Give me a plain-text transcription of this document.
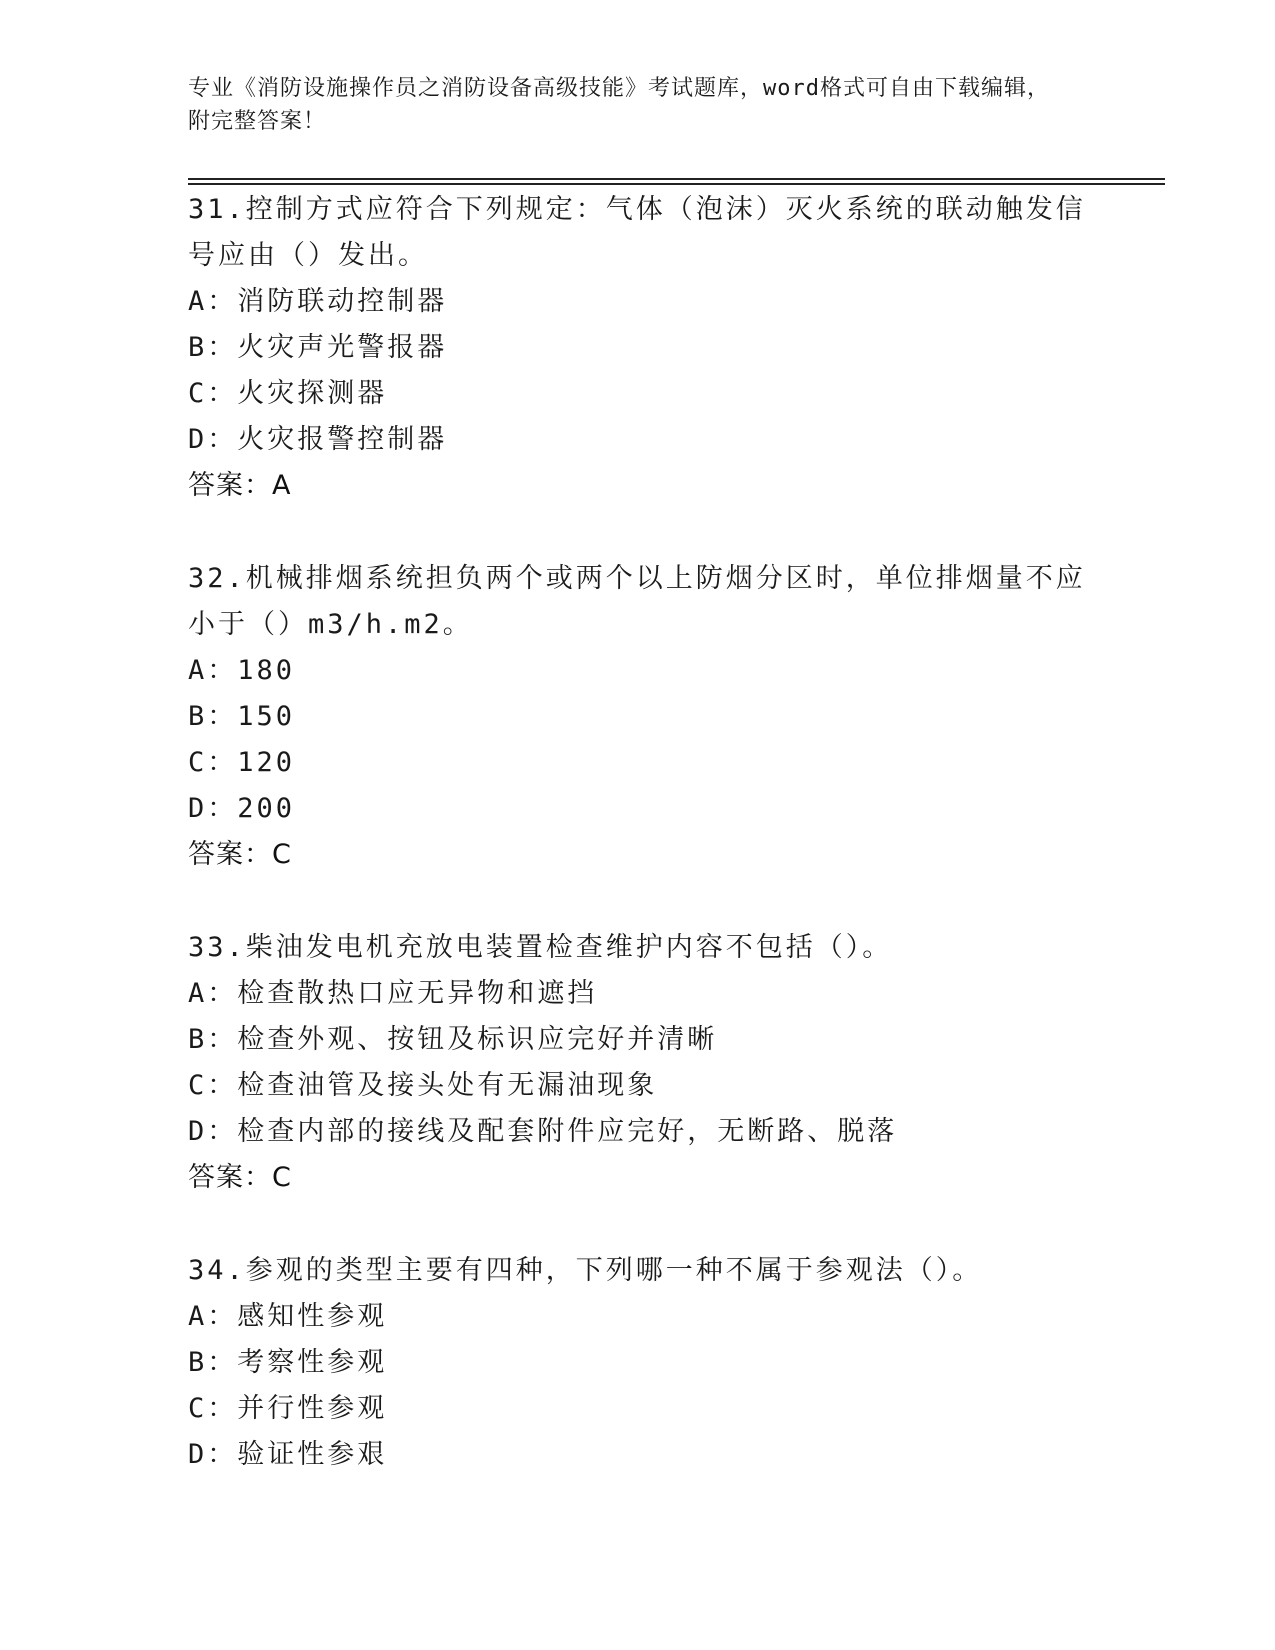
专业《消防设施操作员之消防设备高级技能》考试题库，word格式可自由下载编辑，附完整答案！
31.控制方式应符合下列规定：气体（泡沫）灭火系统的联动触发信号应由（）发出。
A：消防联动控制器
B：火灾声光警报器
C：火灾探测器
D：火灾报警控制器
答案：A
32.机械排烟系统担负两个或两个以上防烟分区时，单位排烟量不应小于（）m3/h.m2。
A：180
B：150
C：120
D：200
答案：C
33.柴油发电机充放电装置检查维护内容不包括（）。
A：检查散热口应无异物和遮挡
B：检查外观、按钮及标识应完好并清晰
C：检查油管及接头处有无漏油现象
D：检查内部的接线及配套附件应完好，无断路、脱落
答案：C
34.参观的类型主要有四种，下列哪一种不属于参观法（）。
A：感知性参观
B：考察性参观
C：并行性参观
D：验证性参艰
